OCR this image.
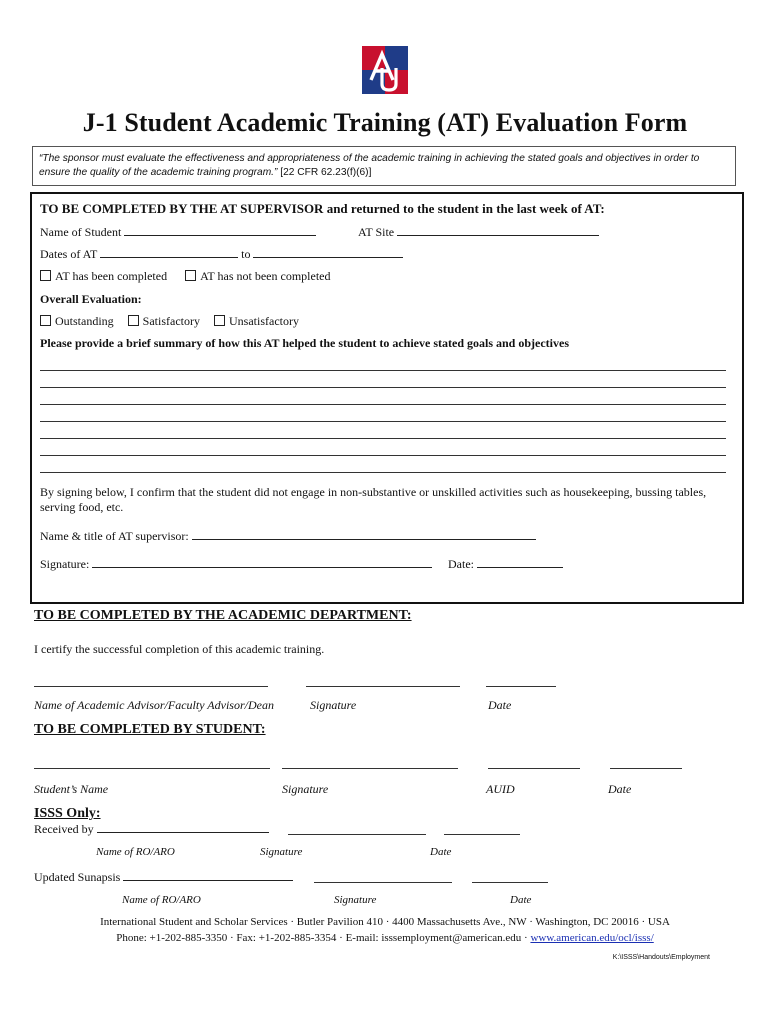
J-1 Student Academic Training (AT) Evaluation Form
“The sponsor must evaluate the effectiveness and appropriateness of the academic training in achieving the stated goals and objectives in order to ensure the quality of the academic training program.” [22 CFR 62.23(f)(6)]
TO BE COMPLETED BY THE AT SUPERVISOR and returned to the student in the last week of AT:
Name of Student	AT Site
Dates of AT	to
AT has been completed	AT has not been completed
Overall Evaluation:
Outstanding Satisfactory Unsatisfactory
Please provide a brief summary of how this AT helped the student to achieve stated goals and objectives
By signing below, I confirm that the student did not engage in non-substantive or unskilled activities such as housekeeping, bussing tables,
serving food, etc.
Name & title of AT supervisor:
Signature:	Date:
TO BE COMPLETED BY THE ACADEMIC DEPARTMENT:
I certify the successful completion of this academic training.
Name of Academic Advisor/Faculty Advisor/Dean	Signature	Date
TO BE COMPLETED BY STUDENT:
Student’s Name	Signature	AUID	Date
ISSS Only:
Received by
Name of RO/ARO	Signature	Date
Updated Sunapsis
Name of RO/ARO	Signature	Date
International Student and Scholar Services · Butler Pavilion 410 · 4400 Massachusetts Ave., NW · Washington, DC 20016 · USA
Phone: +1-202-885-3350 · Fax: +1-202-885-3354 · E-mail: isssemployment@american.edu · www.american.edu/ocl/isss/
K:\ISSS\Handouts\Employment
